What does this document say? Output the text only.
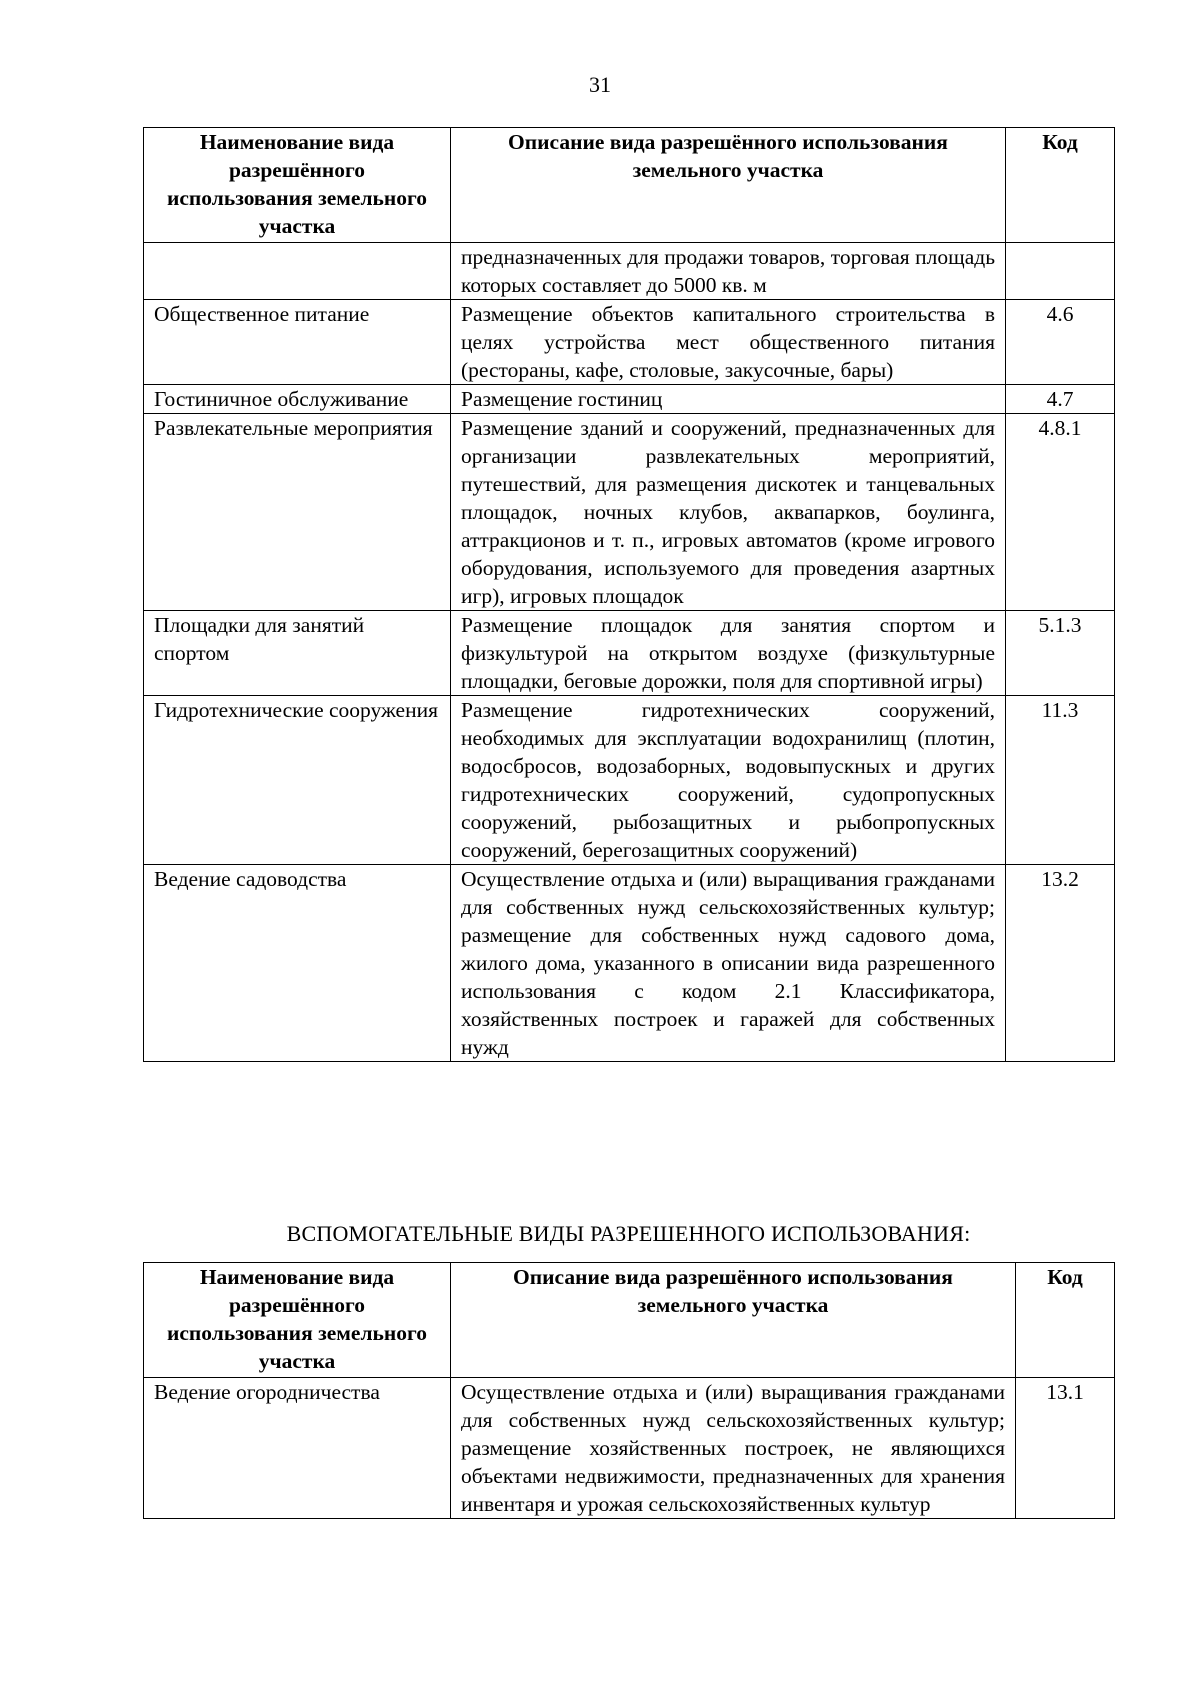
31
Наименование вида разрешённого использования земельного участка	Описание вида разрешённого использования земельного участка	Код
	предназначенных для продажи товаров, торговая площадь которых составляет до 5000 кв. м	
Общественное питание	Размещение объектов капитального строительства в целях устройства мест общественного питания (рестораны, кафе, столовые, закусочные, бары)	4.6
Гостиничное обслуживание	Размещение гостиниц	4.7
Развлекательные мероприятия	Размещение зданий и сооружений, предназначенных для организации развлекательных мероприятий, путешествий, для размещения дискотек и танцевальных площадок, ночных клубов, аквапарков, боулинга, аттракционов и т. п., игровых автоматов (кроме игрового оборудования, используемого для проведения азартных игр), игровых площадок	4.8.1
Площадки для занятий спортом	Размещение площадок для занятия спортом и физкультурой на открытом воздухе (физкультурные площадки, беговые дорожки, поля для спортивной игры)	5.1.3
Гидротехнические сооружения	Размещение гидротехнических сооружений, необходимых для эксплуатации водохранилищ (плотин, водосбросов, водозаборных, водовыпускных и других гидротехнических сооружений, судопропускных сооружений, рыбозащитных и рыбопропускных сооружений, берегозащитных сооружений)	11.3
Ведение садоводства	Осуществление отдыха и (или) выращивания гражданами для собственных нужд сельскохозяйственных культур; размещение для собственных нужд садового дома, жилого дома, указанного в описании вида разрешенного использования с кодом 2.1 Классификатора, хозяйственных построек и гаражей для собственных нужд	13.2
ВСПОМОГАТЕЛЬНЫЕ ВИДЫ РАЗРЕШЕННОГО ИСПОЛЬЗОВАНИЯ:
Наименование вида разрешённого использования земельного участка	Описание вида разрешённого использования земельного участка	Код
Ведение огородничества	Осуществление отдыха и (или) выращивания гражданами для собственных нужд сельскохозяйственных культур; размещение хозяйственных построек, не являющихся объектами недвижимости, предназначенных для хранения инвентаря и урожая сельскохозяйственных культур	13.1
